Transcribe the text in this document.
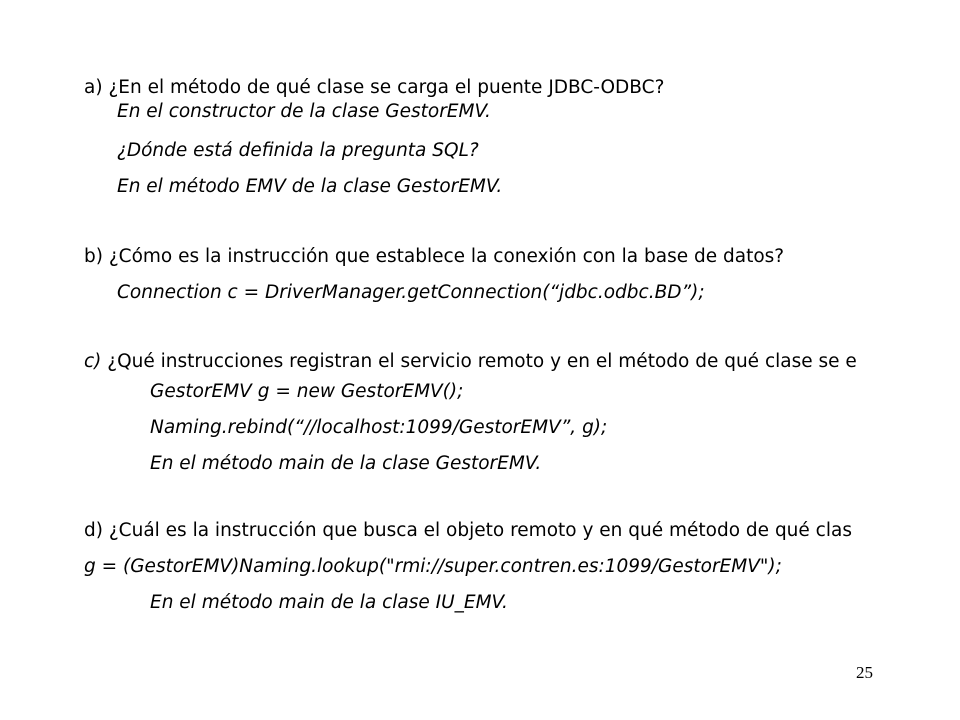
a) ¿En el método de qué clase se carga el puente JDBC-ODBC?
En el constructor de la clase GestorEMV.
¿Dónde está definida la pregunta SQL?
En el método EMV de la clase GestorEMV.
b) ¿Cómo es la instrucción que establece la conexión con la base de datos?
Connection c = DriverManager.getConnection(“jdbc.odbc.BD”);
c) ¿Qué instrucciones registran el servicio remoto y en el método de qué clase se e
GestorEMV g = new GestorEMV();
Naming.rebind(“//localhost:1099/GestorEMV”, g);
En el método main de la clase GestorEMV.
d) ¿Cuál es la instrucción que busca el objeto remoto y en qué método de qué clas
g = (GestorEMV)Naming.lookup("rmi://super.contren.es:1099/GestorEMV");
En el método main de la clase IU_EMV.
25
